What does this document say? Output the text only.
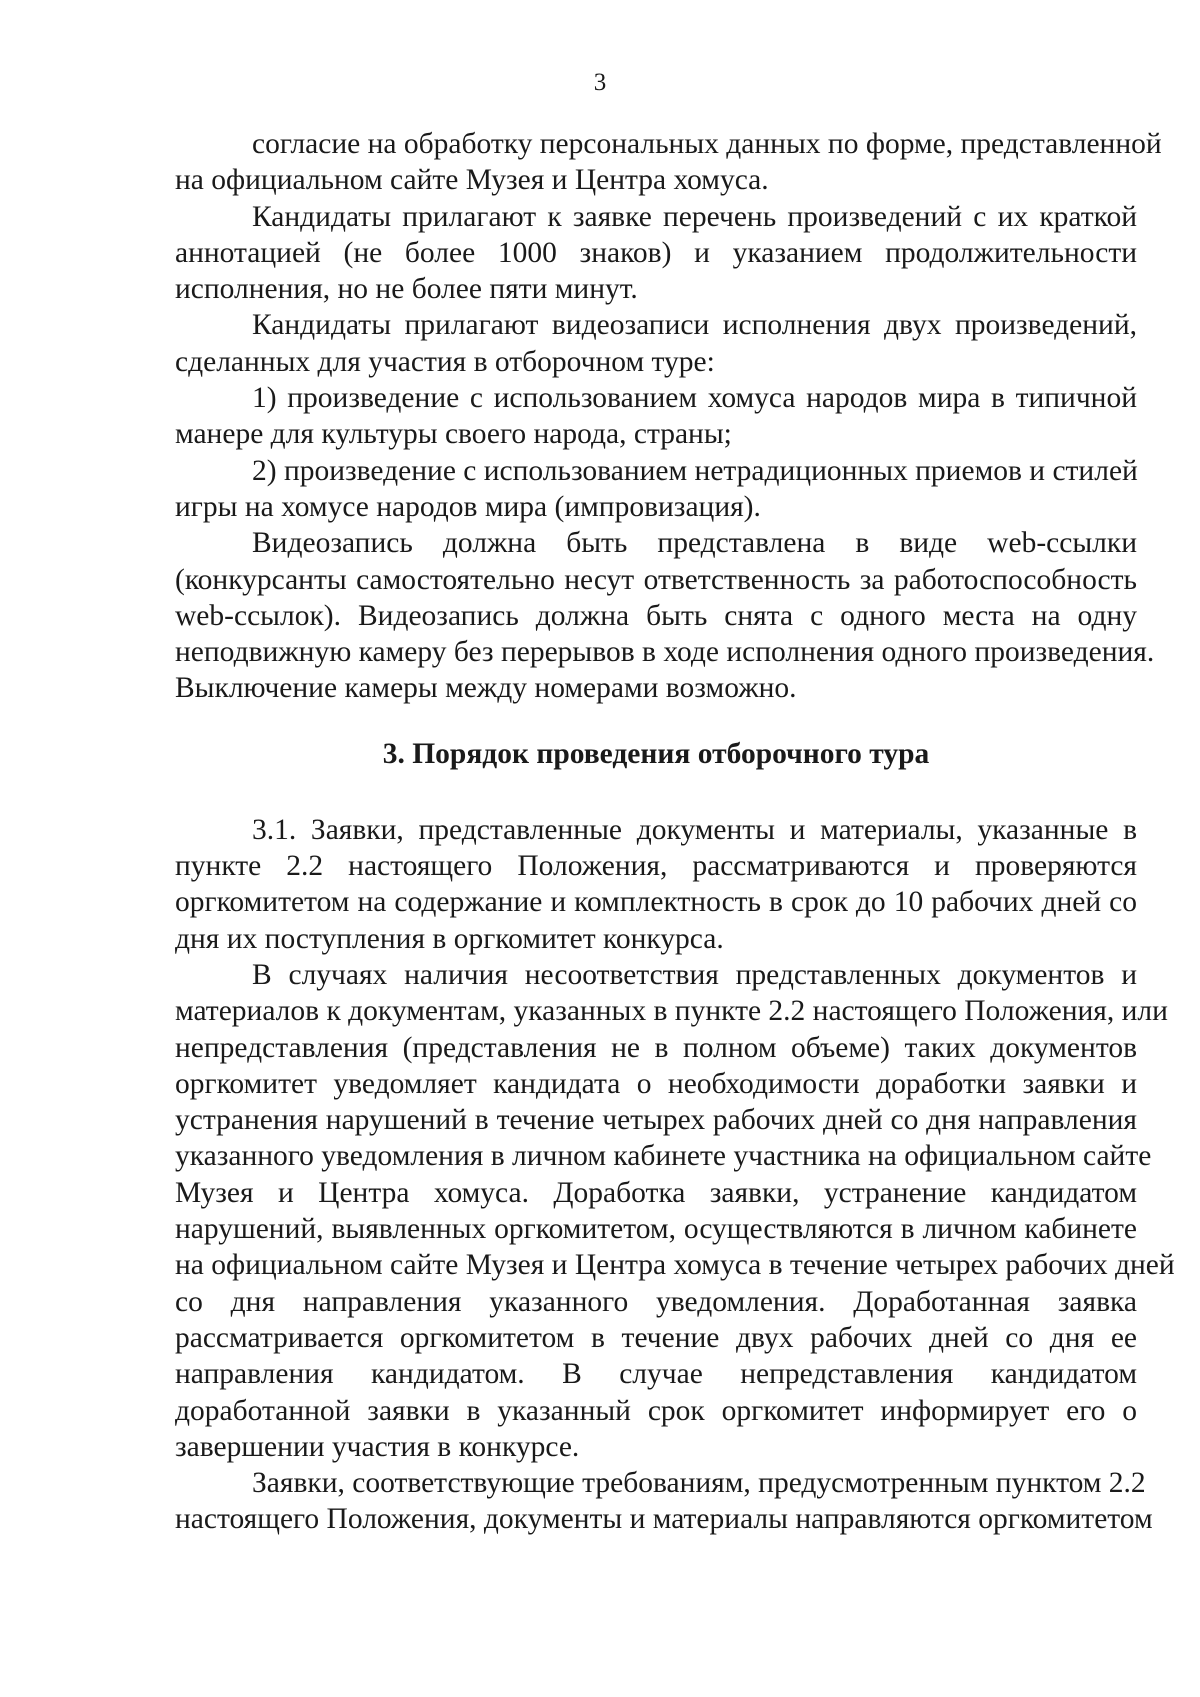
3

согласие на обработку персональных данных по форме, представленной
на официальном сайте Музея и Центра хомуса.

Кандидаты прилагают к заявке перечень произведений с их краткой
аннотацией (не более 1000 знаков) и указанием продолжительности
исполнения, но не более пяти минут.

Кандидаты прилагают видеозаписи исполнения двух произведений,
сделанных для участия в отборочном туре:

1) произведение с использованием хомуса народов мира в типичной
манере для культуры своего народа, страны;

2) произведение с использованием нетрадиционных приемов и стилей
игры на хомусе народов мира (импровизация).

Видеозапись должна быть представлена в виде web-ссылки
(конкурсанты самостоятельно несут ответственность за работоспособность
web-ссылок). Видеозапись должна быть снята с одного места на одну
неподвижную камеру без перерывов в ходе исполнения одного произведения.
Выключение камеры между номерами возможно.

3. Порядок проведения отборочного тура

3.1. Заявки, представленные документы и материалы, указанные в
пункте 2.2 настоящего Положения, рассматриваются и проверяются
оргкомитетом на содержание и комплектность в срок до 10 рабочих дней со
дня их поступления в оргкомитет конкурса.

В случаях наличия несоответствия представленных документов и
материалов к документам, указанных в пункте 2.2 настоящего Положения, или
непредставления (представления не в полном объеме) таких документов
оргкомитет уведомляет кандидата о необходимости доработки заявки и
устранения нарушений в течение четырех рабочих дней со дня направления
указанного уведомления в личном кабинете участника на официальном сайте
Музея и Центра хомуса. Доработка заявки, устранение кандидатом
нарушений, выявленных оргкомитетом, осуществляются в личном кабинете
на официальном сайте Музея и Центра хомуса в течение четырех рабочих дней
со дня направления указанного уведомления. Доработанная заявка
рассматривается оргкомитетом в течение двух рабочих дней со дня ее
направления кандидатом. В случае непредставления кандидатом
доработанной заявки в указанный срок оргкомитет информирует его о
завершении участия в конкурсе.

Заявки, соответствующие требованиям, предусмотренным пунктом 2.2
настоящего Положения, документы и материалы направляются оргкомитетом
